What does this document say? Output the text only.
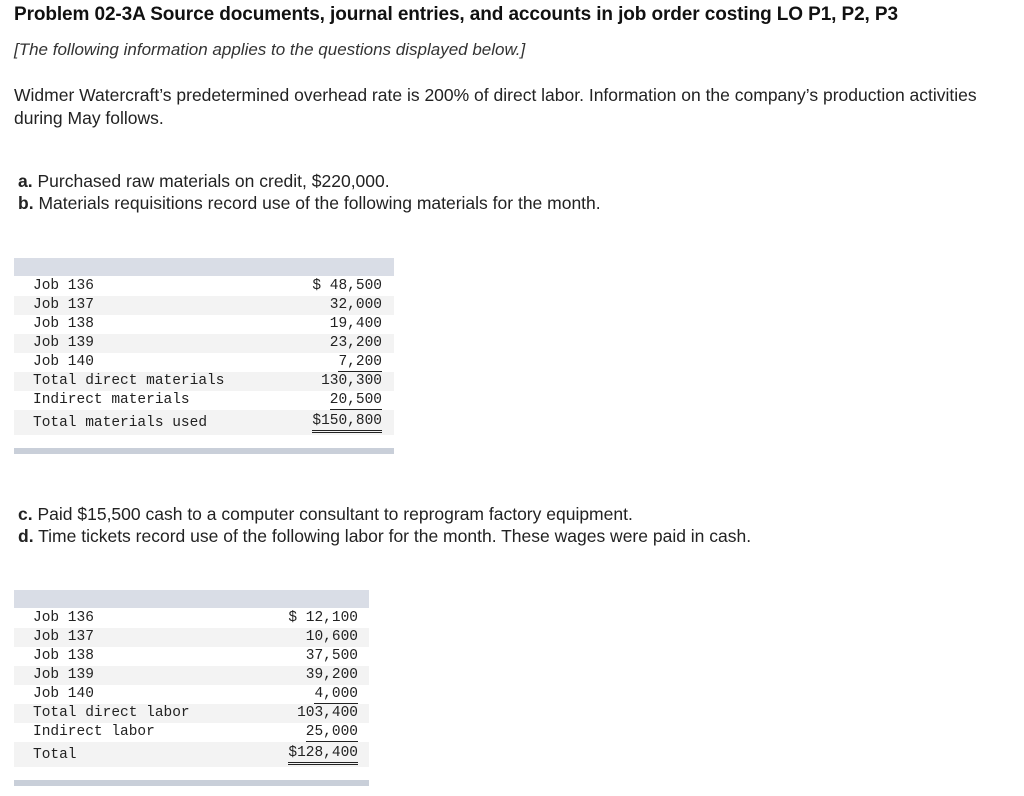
Problem 02-3A Source documents, journal entries, and accounts in job order costing LO P1, P2, P3
[The following information applies to the questions displayed below.]
Widmer Watercraft’s predetermined overhead rate is 200% of direct labor. Information on the company’s production activities during May follows.
a. Purchased raw materials on credit, $220,000.
b. Materials requisitions record use of the following materials for the month.
Job 136	$ 48,500
Job 137	32,000
Job 138	19,400
Job 139	23,200
Job 140	7,200
Total direct materials	130,300
Indirect materials	20,500
Total materials used	$150,800
c. Paid $15,500 cash to a computer consultant to reprogram factory equipment.
d. Time tickets record use of the following labor for the month. These wages were paid in cash.
Job 136	$ 12,100
Job 137	10,600
Job 138	37,500
Job 139	39,200
Job 140	4,000
Total direct labor	103,400
Indirect labor	25,000
Total	$128,400
